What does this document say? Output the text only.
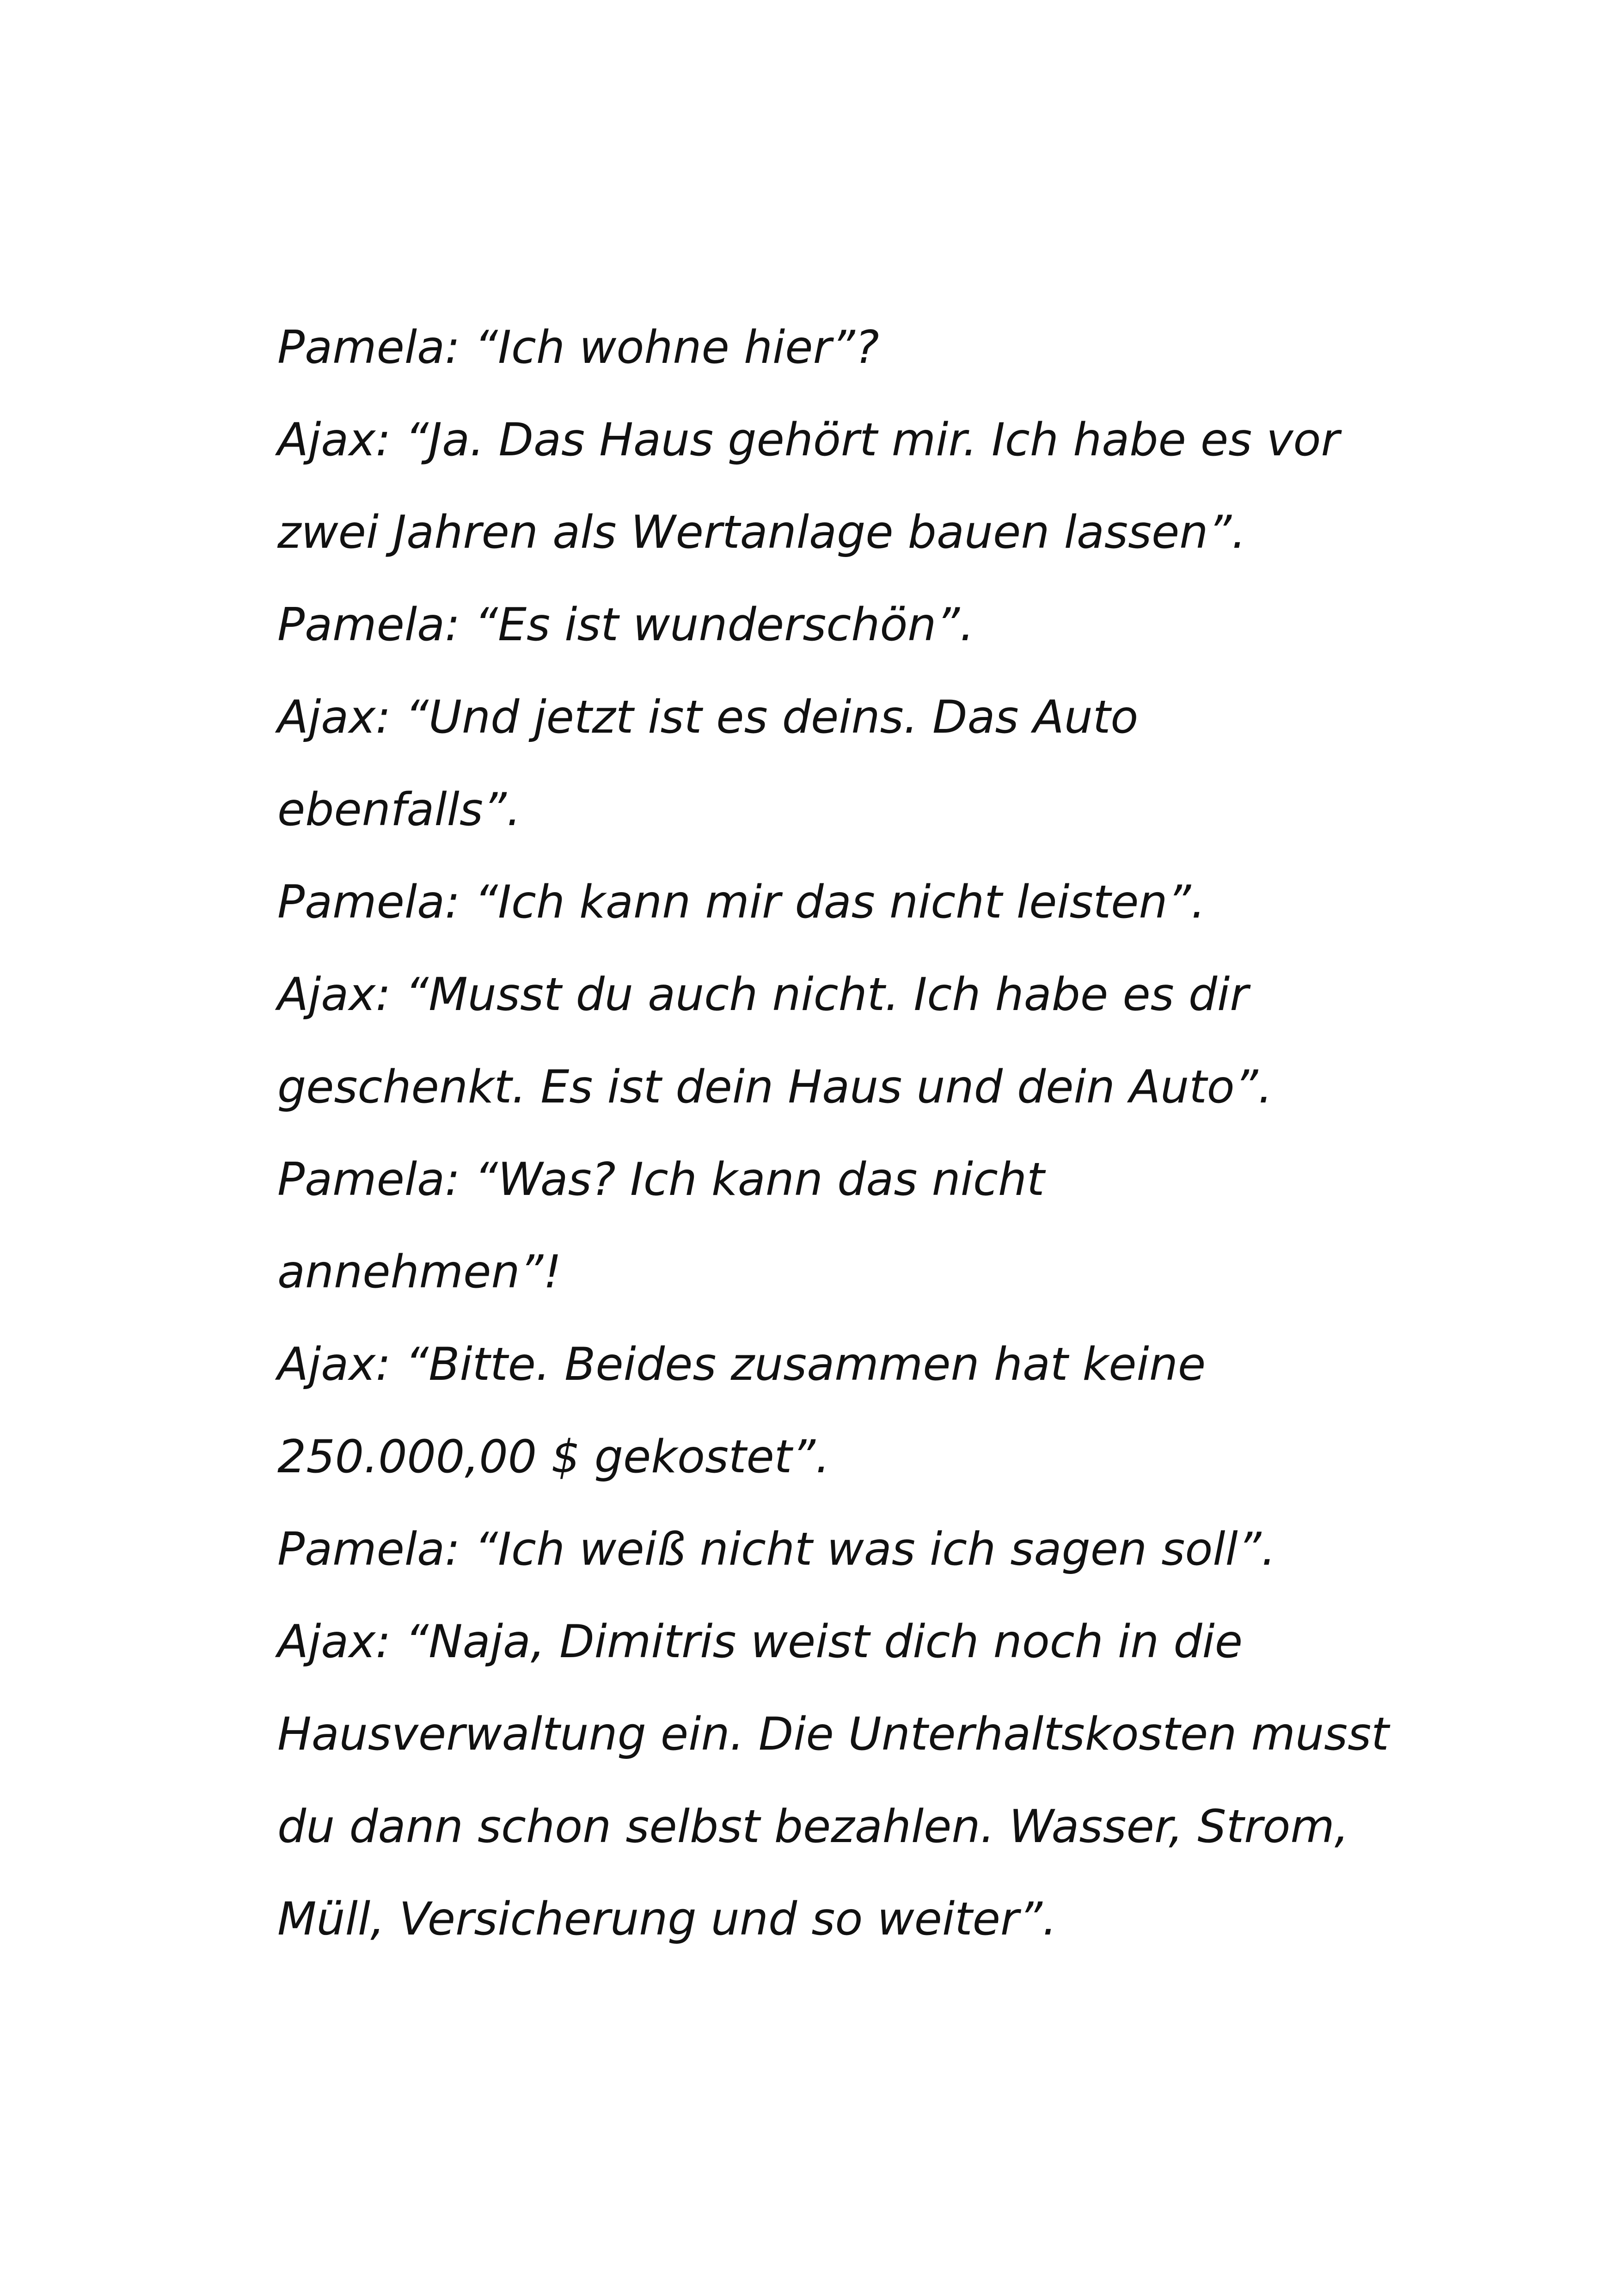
Pamela: “Ich wohne hier”?
Ajax: “Ja. Das Haus gehört mir. Ich habe es vor
zwei Jahren als Wertanlage bauen lassen”.
Pamela: “Es ist wunderschön”.
Ajax: “Und jetzt ist es deins. Das Auto
ebenfalls”.
Pamela: “Ich kann mir das nicht leisten”.
Ajax: “Musst du auch nicht. Ich habe es dir
geschenkt. Es ist dein Haus und dein Auto”.
Pamela: “Was? Ich kann das nicht
annehmen”!
Ajax: “Bitte. Beides zusammen hat keine
250.000,00 $ gekostet”.
Pamela: “Ich weiß nicht was ich sagen soll”.
Ajax: “Naja, Dimitris weist dich noch in die
Hausverwaltung ein. Die Unterhaltskosten musst
du dann schon selbst bezahlen. Wasser, Strom,
Müll, Versicherung und so weiter”.
